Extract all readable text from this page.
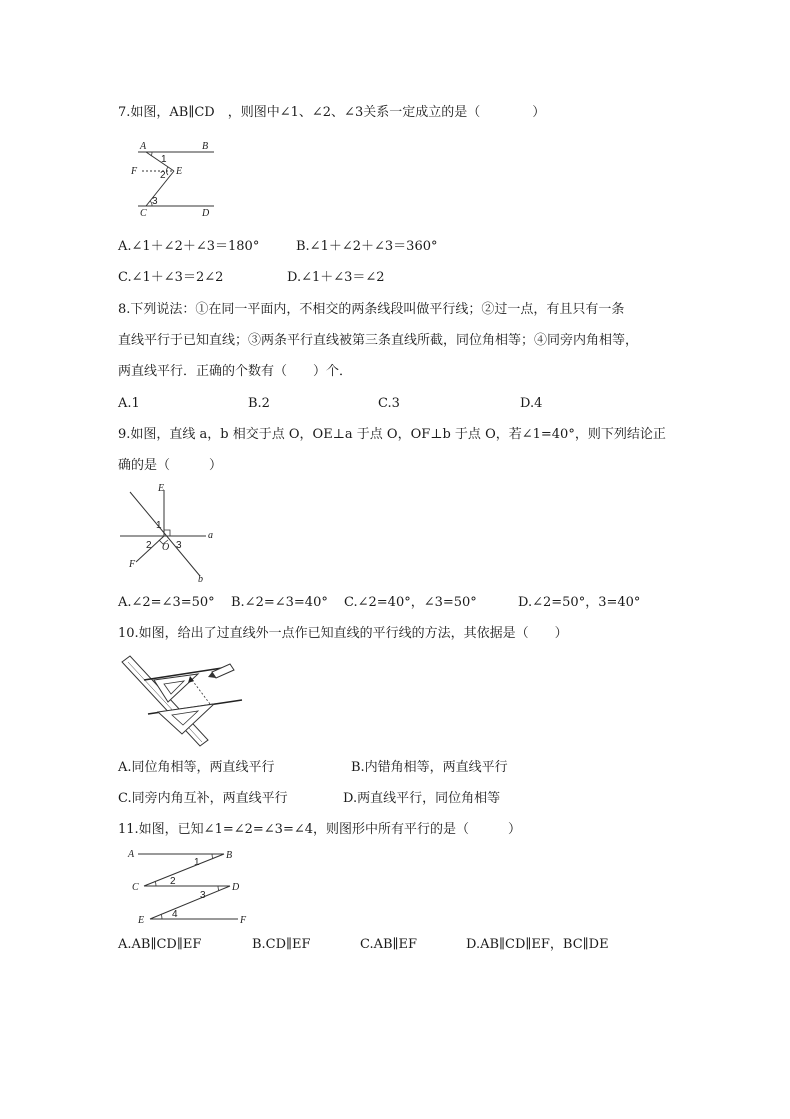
7.如图，AB∥CD　，则图中∠1、∠2、∠3关系一定成立的是（　　　　）
A	B
C	D
E
F
1
2
3
A.∠1＋∠2＋∠3＝180°	B.∠1＋∠2＋∠3＝360°
C.∠1＋∠3＝2∠2	D.∠1＋∠3＝∠2
8.下列说法：①在同一平面内，不相交的两条线段叫做平行线；②过一点，有且只有一条
直线平行于已知直线；③两条平行直线被第三条直线所截，同位角相等；④同旁内角相等，
两直线平行．正确的个数有（　　）个．
A.1	B.2	C.3	D.4
9.如图，直线 a，b 相交于点 O，OE⊥a 于点 O，OF⊥b 于点 O，若∠1=40°，则下列结论正
确的是（　　　）
E
F
O
a
b
1
2 3
A.∠2=∠3=50° B.∠2=∠3=40° C.∠2=40°，∠3=50°	D.∠2=50°，3=40°
10.如图，给出了过直线外一点作已知直线的平行线的方法，其依据是（　　）
A.同位角相等，两直线平行	B.内错角相等，两直线平行
C.同旁内角互补，两直线平行	D.两直线平行，同位角相等
11.如图，已知∠1=∠2=∠3=∠4，则图形中所有平行的是（　　　）
A	B
C	D
E	F
1
2
3
4
A.AB∥CD∥EF	B.CD∥EF	C.AB∥EF	D.AB∥CD∥EF，BC∥DE
